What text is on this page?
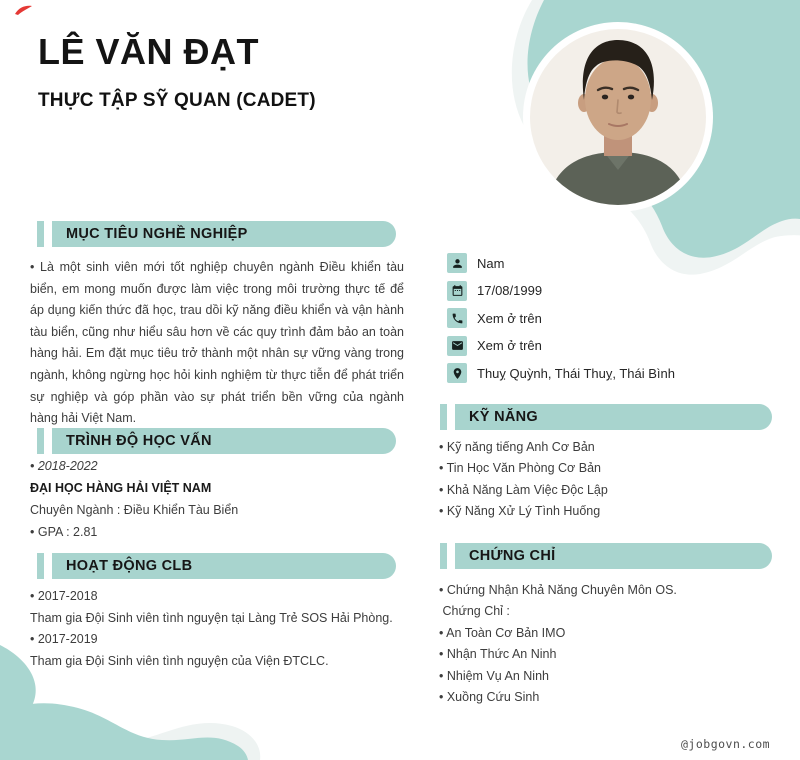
LÊ VĂN ĐẠT
THỰC TẬP SỸ QUAN (CADET)
MỤC TIÊU NGHỀ NGHIỆP
• Là một sinh viên mới tốt nghiệp chuyên ngành Điều khiển tàu biển, em mong muốn được làm việc trong môi trường thực tế để áp dụng kiến thức đã học, trau dồi kỹ năng điều khiển và vận hành tàu biển, cũng như hiểu sâu hơn về các quy trình đảm bảo an toàn hàng hải. Em đặt mục tiêu trở thành một nhân sự vững vàng trong ngành, không ngừng học hỏi kinh nghiệm từ thực tiễn để phát triển sự nghiệp và góp phần vào sự phát triển bền vững của ngành hàng hải Việt Nam.
TRÌNH ĐỘ HỌC VẤN
• 2018-2022
ĐẠI HỌC HÀNG HẢI VIỆT NAM
Chuyên Ngành : Điều Khiển Tàu Biển
• GPA : 2.81
HOẠT ĐỘNG CLB
• 2017-2018
Tham gia Đội Sinh viên tình nguyện tại Làng Trẻ SOS Hải Phòng.
• 2017-2019
Tham gia Đội Sinh viên tình nguyện của Viện ĐTCLC.
Nam
17/08/1999
Xem ở trên
Xem ở trên
Thuỵ Quỳnh, Thái Thuỵ, Thái Bình
KỸ NĂNG
• Kỹ năng tiếng Anh Cơ Bản
• Tin Học Văn Phòng Cơ Bản
• Khả Năng Làm Việc Độc Lập
• Kỹ Năng Xử Lý Tình Huống
CHỨNG CHỈ
• Chứng Nhận Khả Năng Chuyên Môn OS.
Chứng Chỉ :
• An Toàn Cơ Bản IMO
• Nhận Thức An Ninh
• Nhiệm Vụ An Ninh
• Xuồng Cứu Sinh
@jobgovn.com
